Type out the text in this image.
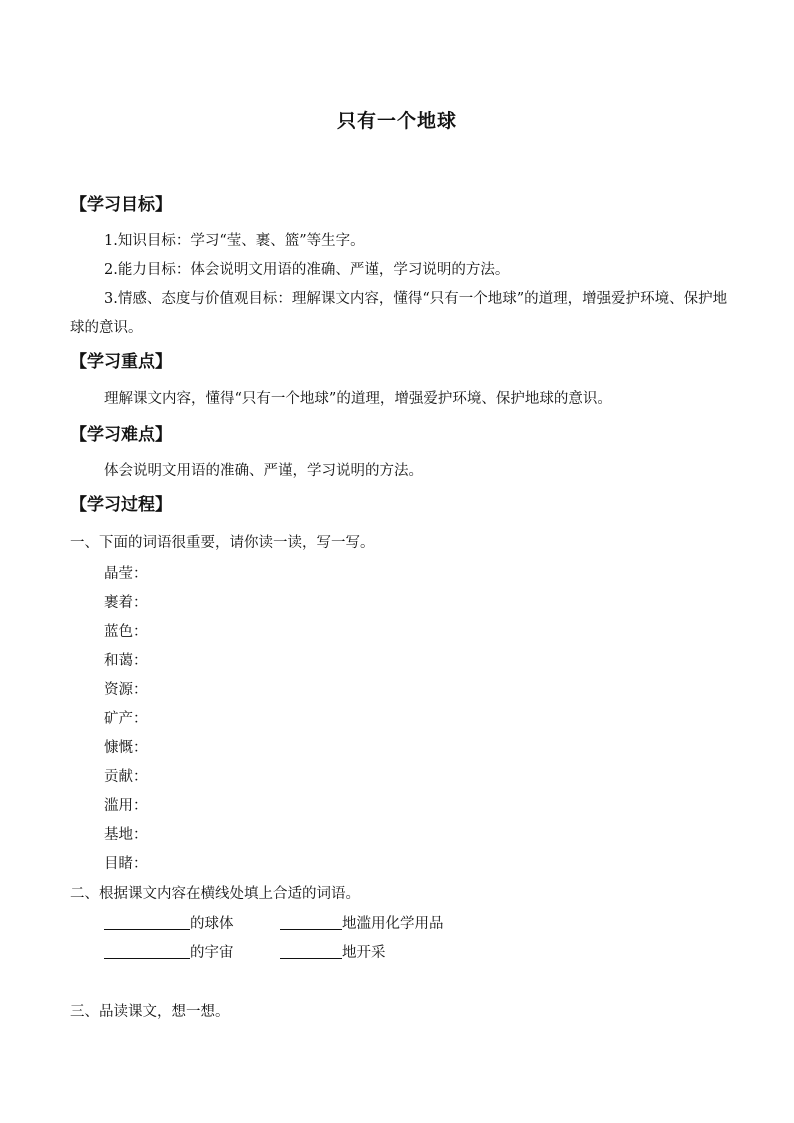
只有一个地球
【学习目标】
1.知识目标：学习“莹、裹、篮”等生字。
2.能力目标：体会说明文用语的准确、严谨，学习说明的方法。
3.情感、态度与价值观目标：理解课文内容，懂得“只有一个地球”的道理，增强爱护环境、保护地球的意识。
【学习重点】
理解课文内容，懂得“只有一个地球”的道理，增强爱护环境、保护地球的意识。
【学习难点】
体会说明文用语的准确、严谨，学习说明的方法。
【学习过程】
一、下面的词语很重要，请你读一读，写一写。
晶莹：
裹着：
蓝色：
和蔼：
资源：
矿产：
慷慨：
贡献：
滥用：
基地：
目睹：
二、根据课文内容在横线处填上合适的词语。
的球体	地滥用化学用品
的宇宙	地开采
三、品读课文，想一想。
